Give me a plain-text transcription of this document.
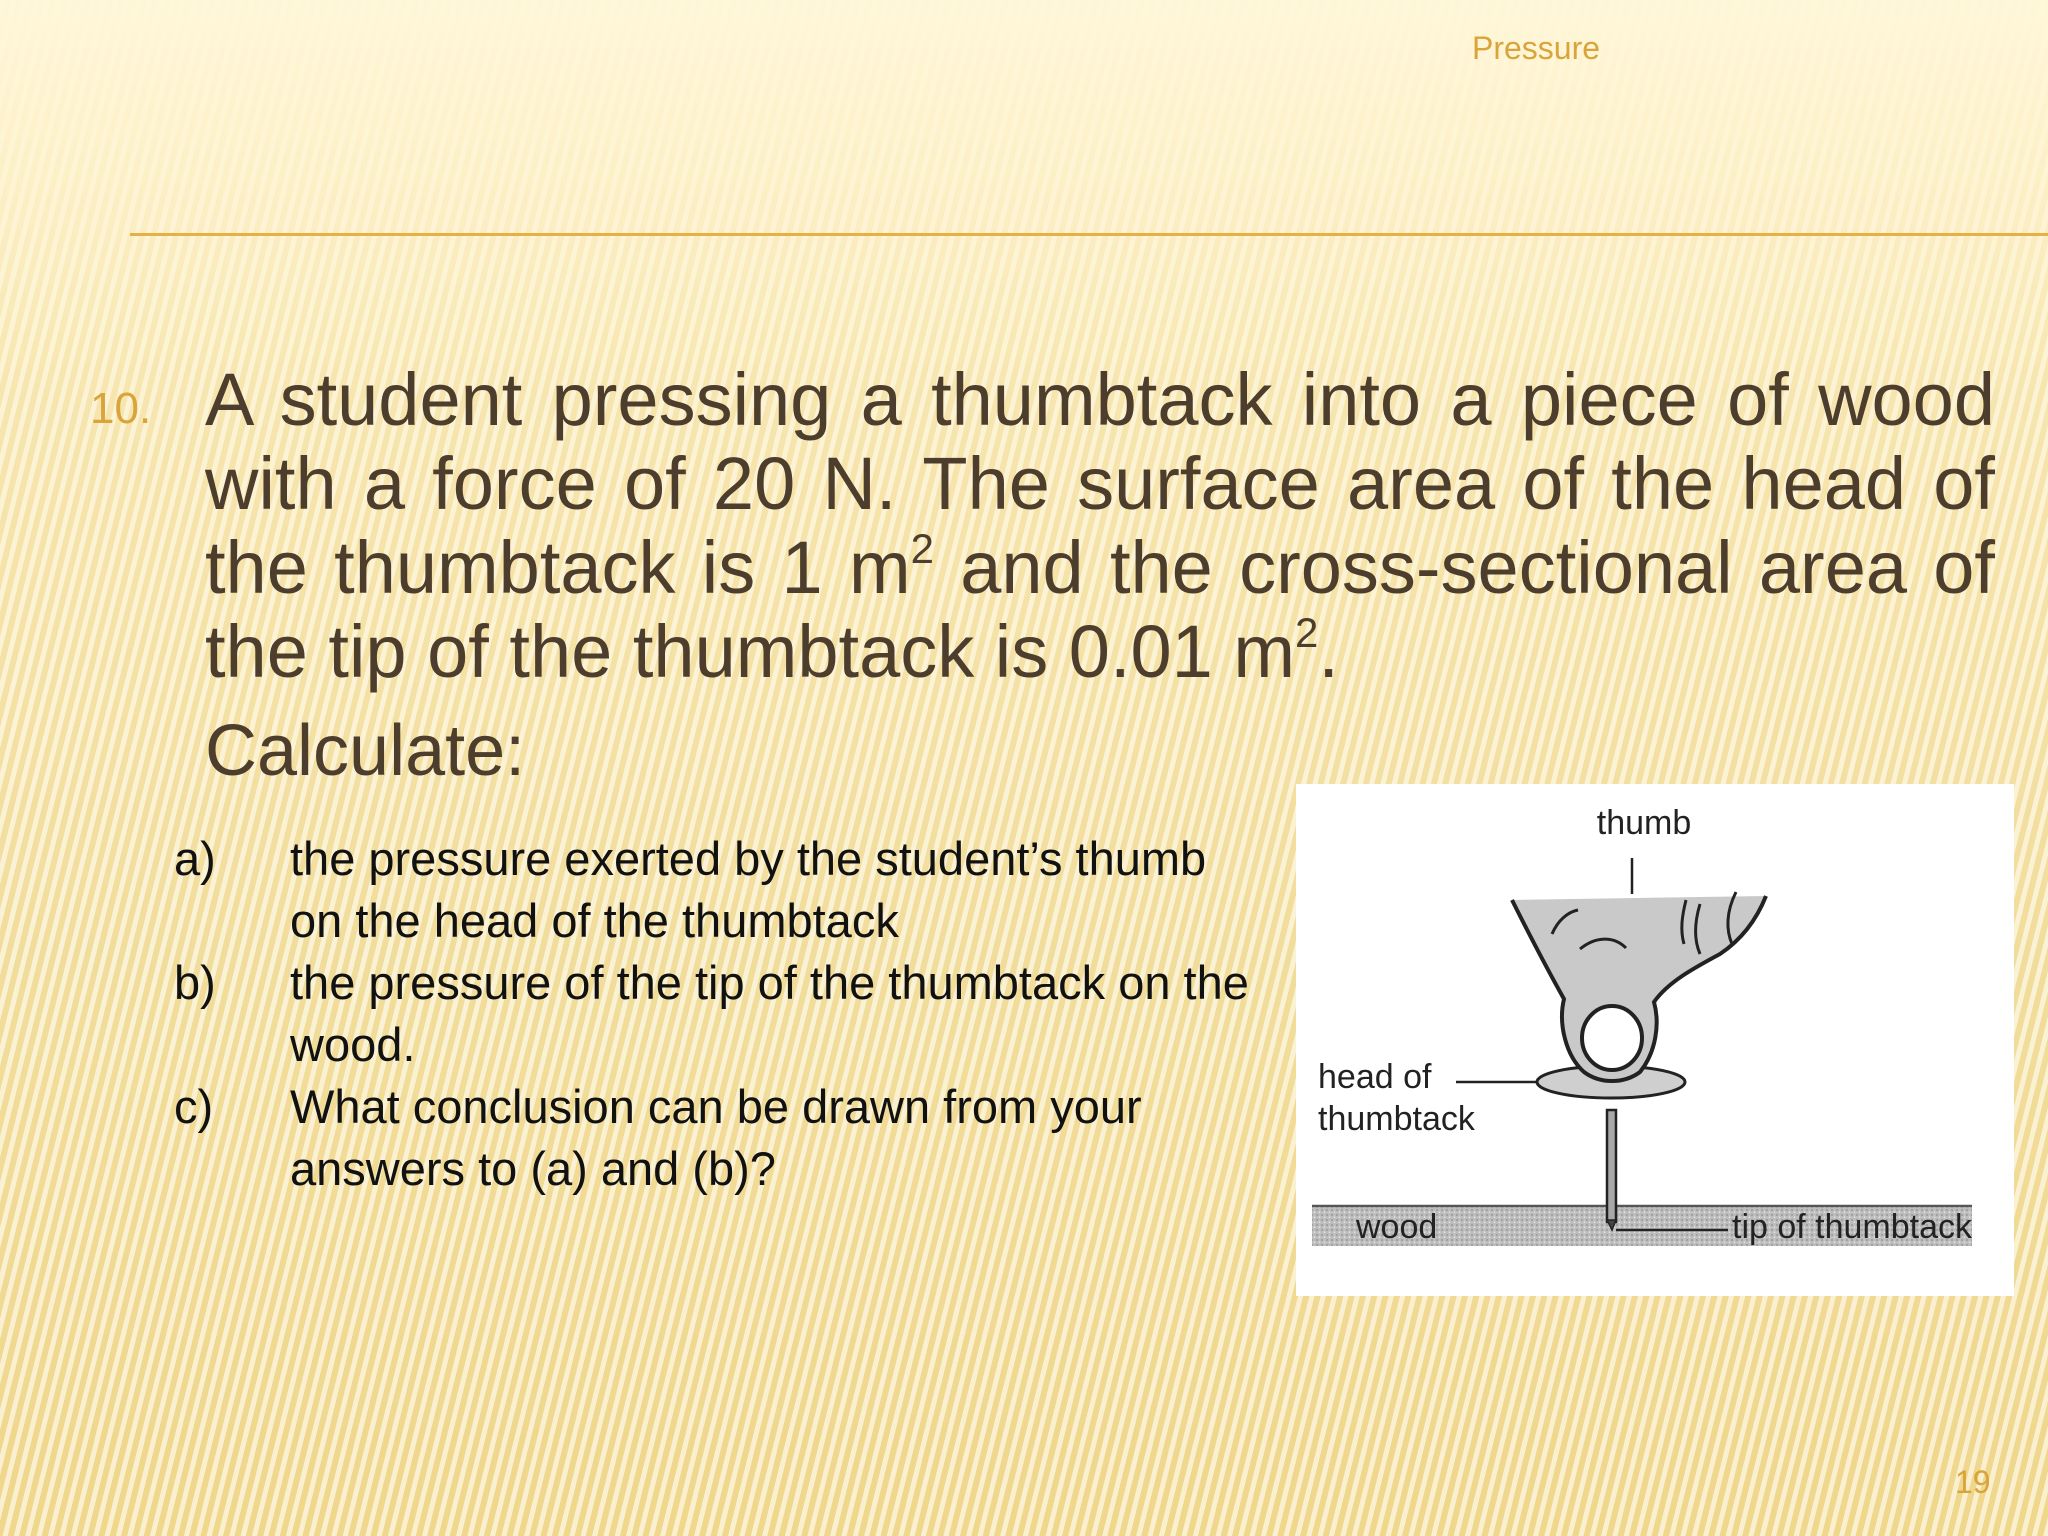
Pressure
10. A student pressing a thumbtack into a piece of wood with a force of 20 N. The surface area of the head of the thumbtack is 1 $m^2$ and the cross-sectional area of the tip of the thumbtack is 0.01 $m^2$.
Calculate:
a)	the pressure exerted by the student’s thumb on the head of the thumbtack
b)	the pressure of the tip of the thumbtack on the wood.
c)	What conclusion can be drawn from your answers to (a) and (b)?
thumb
head of
thumbtack
wood	tip of thumbtack
19
